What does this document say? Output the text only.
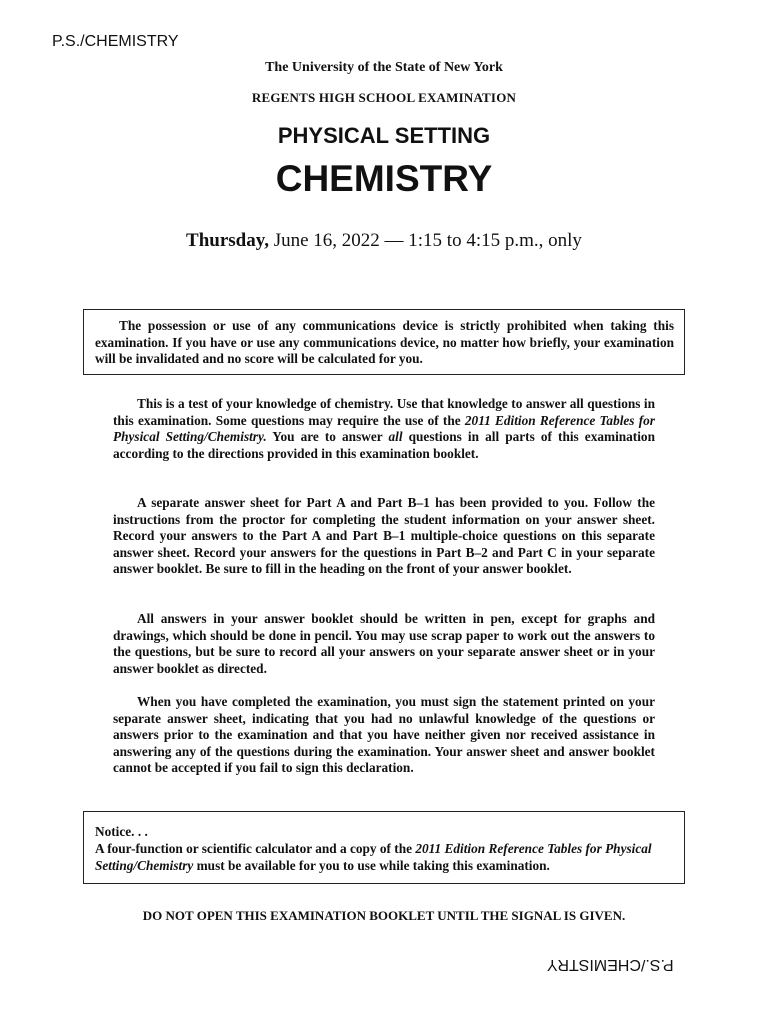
P.S./CHEMISTRY
The University of the State of New York
REGENTS HIGH SCHOOL EXAMINATION
PHYSICAL SETTING
CHEMISTRY
Thursday, June 16, 2022 — 1:15 to 4:15 p.m., only

The possession or use of any communications device is strictly prohibited when taking this examination. If you have or use any communications device, no matter how briefly, your examination will be invalidated and no score will be calculated for you.

This is a test of your knowledge of chemistry. Use that knowledge to answer all questions in this examination. Some questions may require the use of the 2011 Edition Reference Tables for Physical Setting/Chemistry. You are to answer all questions in all parts of this examination according to the directions provided in this examination booklet.

A separate answer sheet for Part A and Part B–1 has been provided to you. Follow the instructions from the proctor for completing the student information on your answer sheet. Record your answers to the Part A and Part B–1 multiple-choice questions on this separate answer sheet. Record your answers for the questions in Part B–2 and Part C in your separate answer booklet. Be sure to fill in the heading on the front of your answer booklet.

All answers in your answer booklet should be written in pen, except for graphs and drawings, which should be done in pencil. You may use scrap paper to work out the answers to the questions, but be sure to record all your answers on your separate answer sheet or in your answer booklet as directed.

When you have completed the examination, you must sign the statement printed on your separate answer sheet, indicating that you had no unlawful knowledge of the questions or answers prior to the examination and that you have neither given nor received assistance in answering any of the questions during the examination. Your answer sheet and answer booklet cannot be accepted if you fail to sign this declaration.

Notice. . .

A four-function or scientific calculator and a copy of the 2011 Edition Reference Tables for Physical Setting/Chemistry must be available for you to use while taking this examination.

DO NOT OPEN THIS EXAMINATION BOOKLET UNTIL THE SIGNAL IS GIVEN.
P.S./CHEMISTRY
